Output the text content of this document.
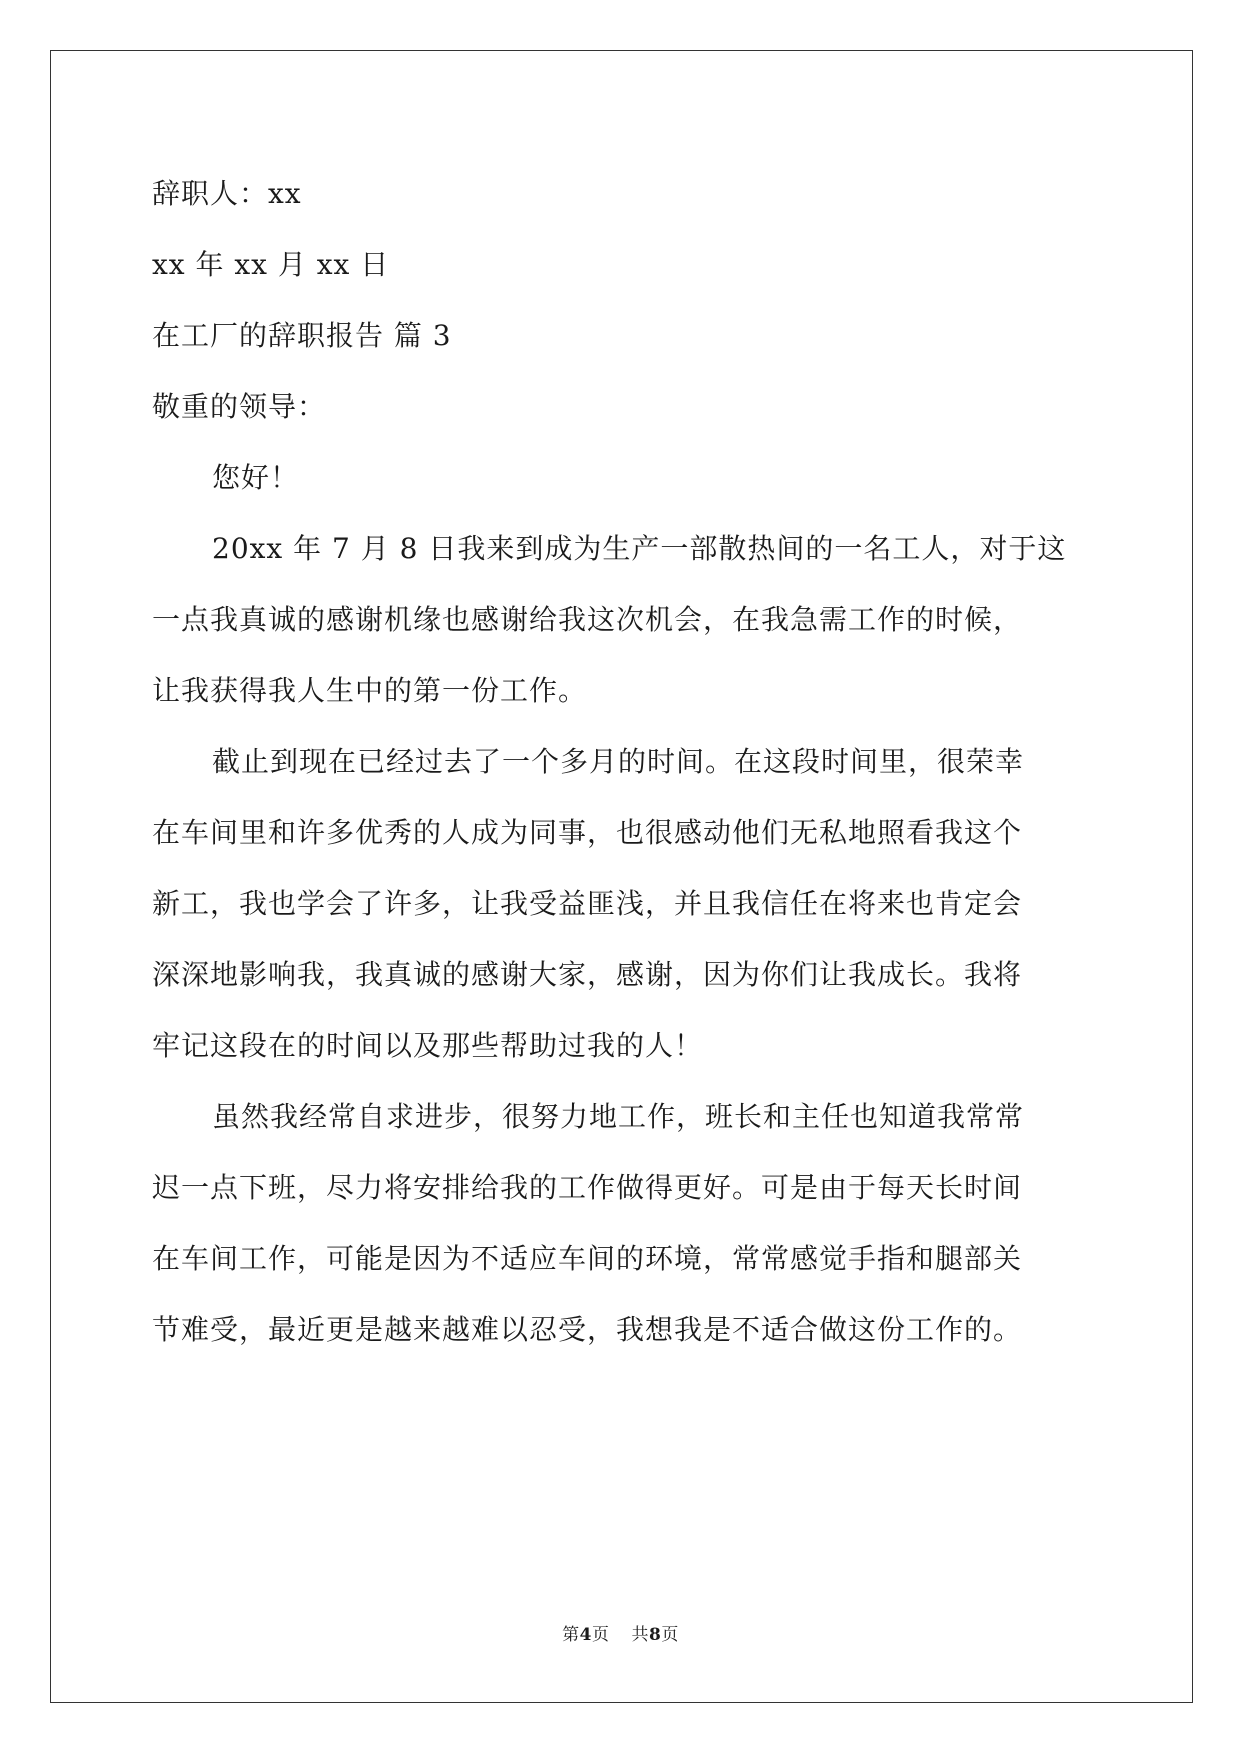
辞职人：xx
xx 年 xx 月 xx 日
在工厂的辞职报告 篇 3
敬重的领导：
您好！
20xx 年 7 月 8 日我来到成为生产一部散热间的一名工人，对于这
一点我真诚的感谢机缘也感谢给我这次机会，在我急需工作的时候，
让我获得我人生中的第一份工作。
截止到现在已经过去了一个多月的时间。在这段时间里，很荣幸
在车间里和许多优秀的人成为同事，也很感动他们无私地照看我这个
新工，我也学会了许多，让我受益匪浅，并且我信任在将来也肯定会
深深地影响我，我真诚的感谢大家，感谢，因为你们让我成长。我将
牢记这段在的时间以及那些帮助过我的人！
虽然我经常自求进步，很努力地工作，班长和主任也知道我常常
迟一点下班，尽力将安排给我的工作做得更好。可是由于每天长时间
在车间工作，可能是因为不适应车间的环境，常常感觉手指和腿部关
节难受，最近更是越来越难以忍受，我想我是不适合做这份工作的。
第4页 共8页
